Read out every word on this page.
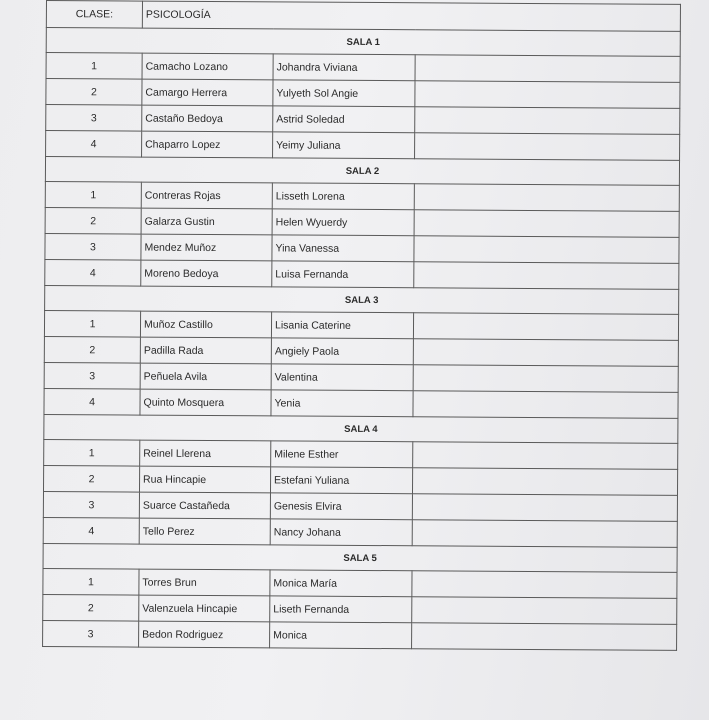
CLASE:	PSICOLOGÍA		
SALA 1			
1	Camacho Lozano	Johandra Viviana	
2	Camargo Herrera	Yulyeth Sol Angie	
3	Castaño Bedoya	Astrid Soledad	
4	Chaparro Lopez	Yeimy Juliana	
SALA 2			
1	Contreras Rojas	Lisseth Lorena	
2	Galarza Gustin	Helen Wyuerdy	
3	Mendez Muñoz	Yina Vanessa	
4	Moreno Bedoya	Luisa Fernanda	
SALA 3			
1	Muñoz Castillo	Lisania Caterine	
2	Padilla Rada	Angiely Paola	
3	Peñuela Avila	Valentina	
4	Quinto Mosquera	Yenia	
SALA 4			
1	Reinel Llerena	Milene Esther	
2	Rua Hincapie	Estefani Yuliana	
3	Suarce Castañeda	Genesis Elvira	
4	Tello Perez	Nancy Johana	
SALA 5			
1	Torres Brun	Monica María	
2	Valenzuela Hincapie	Liseth Fernanda	
3	Bedon Rodriguez	Monica	
